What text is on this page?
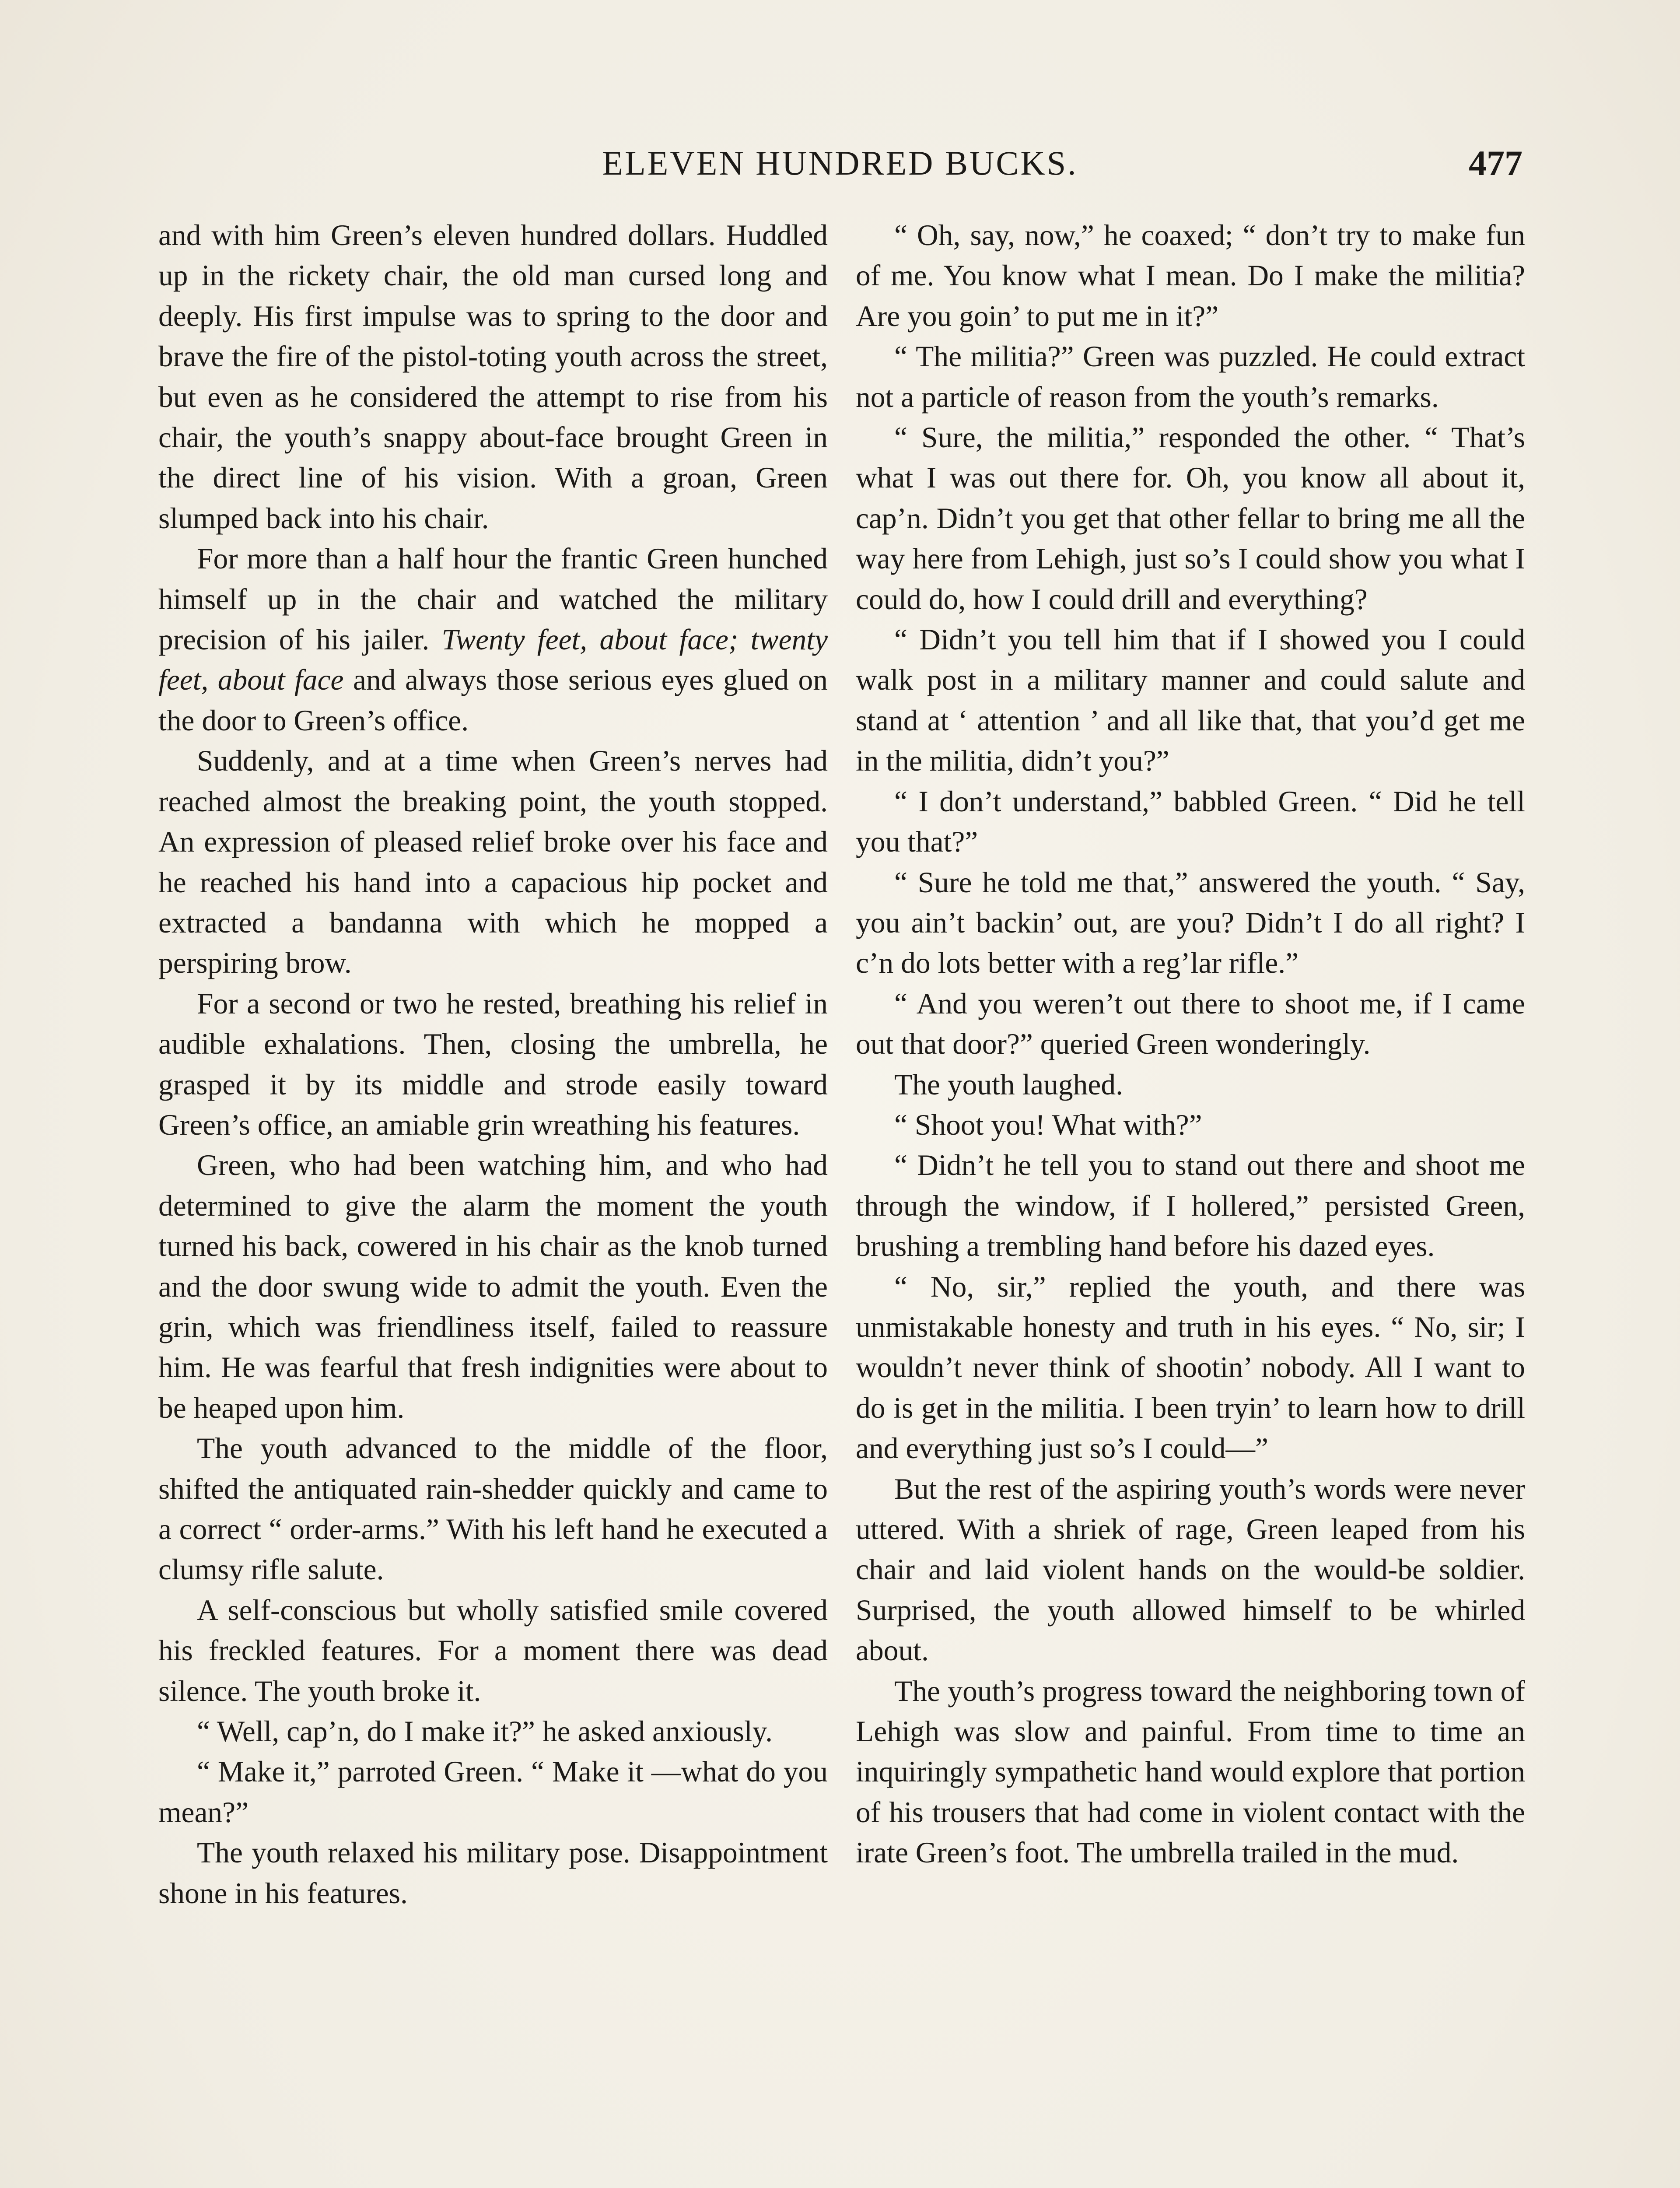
ELEVEN HUNDRED BUCKS.	477

and with him Green’s eleven hundred dollars. Huddled up in the rickety chair, the old man cursed long and deeply. His first impulse was to spring to the door and brave the fire of the pistol-toting youth across the street, but even as he considered the attempt to rise from his chair, the youth’s snappy about-face brought Green in the direct line of his vision. With a groan, Green slumped back into his chair.

For more than a half hour the frantic Green hunched himself up in the chair and watched the military precision of his jailer. Twenty feet, about face; twenty feet, about face and always those serious eyes glued on the door to Green’s office.

Suddenly, and at a time when Green’s nerves had reached almost the breaking point, the youth stopped. An expression of pleased relief broke over his face and he reached his hand into a capacious hip pocket and extracted a bandanna with which he mopped a perspiring brow.

For a second or two he rested, breathing his relief in audible exhalations. Then, closing the umbrella, he grasped it by its middle and strode easily toward Green’s office, an amiable grin wreathing his features.

Green, who had been watching him, and who had determined to give the alarm the moment the youth turned his back, cowered in his chair as the knob turned and the door swung wide to admit the youth. Even the grin, which was friendliness itself, failed to reassure him. He was fearful that fresh indignities were about to be heaped upon him.

The youth advanced to the middle of the floor, shifted the antiquated rain-shedder quickly and came to a correct “ order-arms.” With his left hand he executed a clumsy rifle salute.

A self-conscious but wholly satisfied smile covered his freckled features. For a moment there was dead silence. The youth broke it.

“ Well, cap’n, do I make it?” he asked anxiously.

“ Make it,” parroted Green. “ Make it —what do you mean?”

The youth relaxed his military pose. Disappointment shone in his features.

“ Oh, say, now,” he coaxed; “ don’t try to make fun of me. You know what I mean. Do I make the militia? Are you goin’ to put me in it?”

“ The militia?” Green was puzzled. He could extract not a particle of reason from the youth’s remarks.

“ Sure, the militia,” responded the other. “ That’s what I was out there for. Oh, you know all about it, cap’n. Didn’t you get that other fellar to bring me all the way here from Lehigh, just so’s I could show you what I could do, how I could drill and everything?

“ Didn’t you tell him that if I showed you I could walk post in a military manner and could salute and stand at ‘ attention ’ and all like that, that you’d get me in the militia, didn’t you?”

“ I don’t understand,” babbled Green. “ Did he tell you that?”

“ Sure he told me that,” answered the youth. “ Say, you ain’t backin’ out, are you? Didn’t I do all right? I c’n do lots better with a reg’lar rifle.”

“ And you weren’t out there to shoot me, if I came out that door?” queried Green wonderingly.

The youth laughed.

“ Shoot you! What with?”

“ Didn’t he tell you to stand out there and shoot me through the window, if I hollered,” persisted Green, brushing a trembling hand before his dazed eyes.

“ No, sir,” replied the youth, and there was unmistakable honesty and truth in his eyes. “ No, sir; I wouldn’t never think of shootin’ nobody. All I want to do is get in the militia. I been tryin’ to learn how to drill and everything just so’s I could—”

But the rest of the aspiring youth’s words were never uttered. With a shriek of rage, Green leaped from his chair and laid violent hands on the would-be soldier. Surprised, the youth allowed himself to be whirled about.

The youth’s progress toward the neighboring town of Lehigh was slow and painful. From time to time an inquiringly sympathetic hand would explore that portion of his trousers that had come in violent contact with the irate Green’s foot. The umbrella trailed in the mud.
